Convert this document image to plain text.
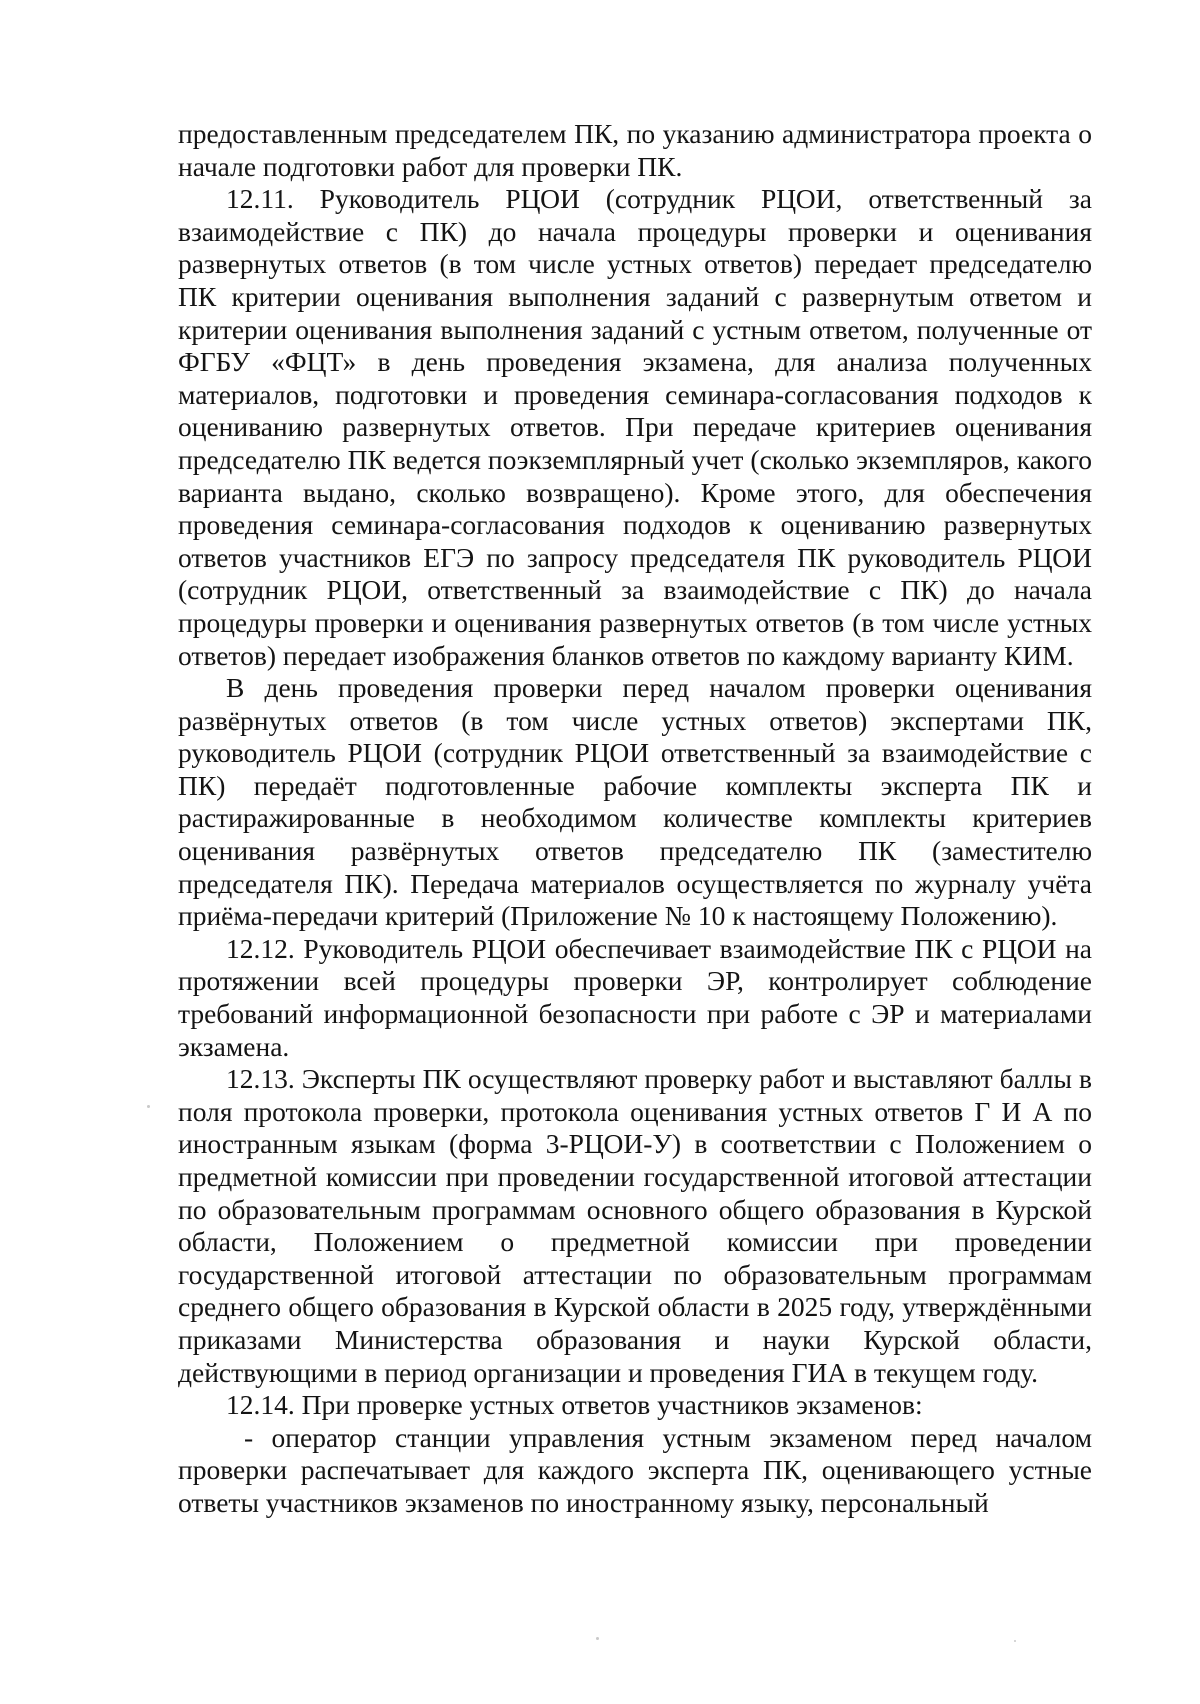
предоставленным председателем ПК, по указанию администратора проекта о начале подготовки работ для проверки ПК.

12.11. Руководитель РЦОИ (сотрудник РЦОИ, ответственный за взаимодействие с ПК) до начала процедуры проверки и оценивания развернутых ответов (в том числе устных ответов) передает председателю ПК критерии оценивания выполнения заданий с развернутым ответом и критерии оценивания выполнения заданий с устным ответом, полученные от ФГБУ «ФЦТ» в день проведения экзамена, для анализа полученных материалов, подготовки и проведения семинара-согласования подходов к оцениванию развернутых ответов. При передаче критериев оценивания председателю ПК ведется поэкземплярный учет (сколько экземпляров, какого варианта выдано, сколько возвращено). Кроме этого, для обеспечения проведения семинара-согласования подходов к оцениванию развернутых ответов участников ЕГЭ по запросу председателя ПК руководитель РЦОИ (сотрудник РЦОИ, ответственный за взаимодействие с ПК) до начала процедуры проверки и оценивания развернутых ответов (в том числе устных ответов) передает изображения бланков ответов по каждому варианту КИМ.

В день проведения проверки перед началом проверки оценивания развёрнутых ответов (в том числе устных ответов) экспертами ПК, руководитель РЦОИ (сотрудник РЦОИ ответственный за взаимодействие с ПК) передаёт подготовленные рабочие комплекты эксперта ПК и растиражированные в необходимом количестве комплекты критериев оценивания развёрнутых ответов председателю ПК (заместителю председателя ПК). Передача материалов осуществляется по журналу учёта приёма-передачи критерий (Приложение № 10 к настоящему Положению).

12.12. Руководитель РЦОИ обеспечивает взаимодействие ПК с РЦОИ на протяжении всей процедуры проверки ЭР, контролирует соблюдение требований информационной безопасности при работе с ЭР и материалами экзамена.

12.13. Эксперты ПК осуществляют проверку работ и выставляют баллы в поля протокола проверки, протокола оценивания устных ответов Г И А по иностранным языкам (форма 3-РЦОИ-У) в соответствии с Положением о предметной комиссии при проведении государственной итоговой аттестации по образовательным программам основного общего образования в Курской области, Положением о предметной комиссии при проведении государственной итоговой аттестации по образовательным программам среднего общего образования в Курской области в 2025 году, утверждёнными приказами Министерства образования и науки Курской области, действующими в период организации и проведения ГИА в текущем году.

12.14. При проверке устных ответов участников экзаменов:

- оператор станции управления устным экзаменом перед началом проверки распечатывает для каждого эксперта ПК, оценивающего устные ответы участников экзаменов по иностранному языку, персональный
